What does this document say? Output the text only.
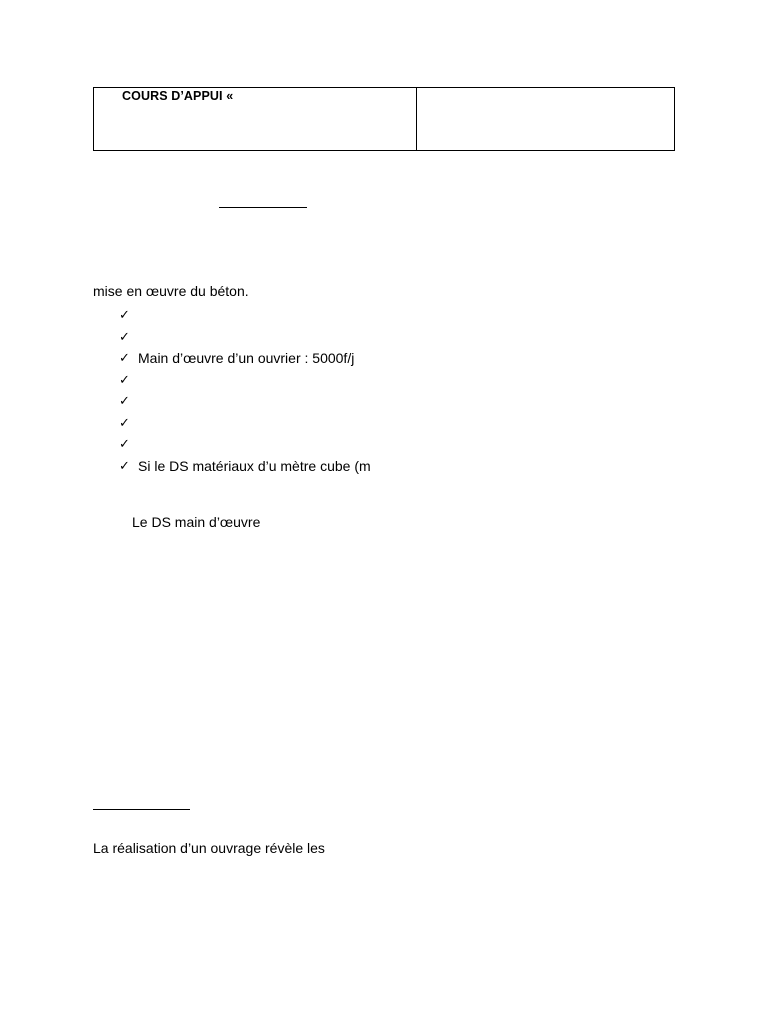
COURS D’APPUI «
mise en œuvre du béton.
✓
✓
✓ Main d’œuvre d’un ouvrier : 5000f/j
✓
✓
✓
✓
✓ Si le DS matériaux d’u mètre cube (m
Le DS main d’œuvre
La réalisation d’un ouvrage révèle les
